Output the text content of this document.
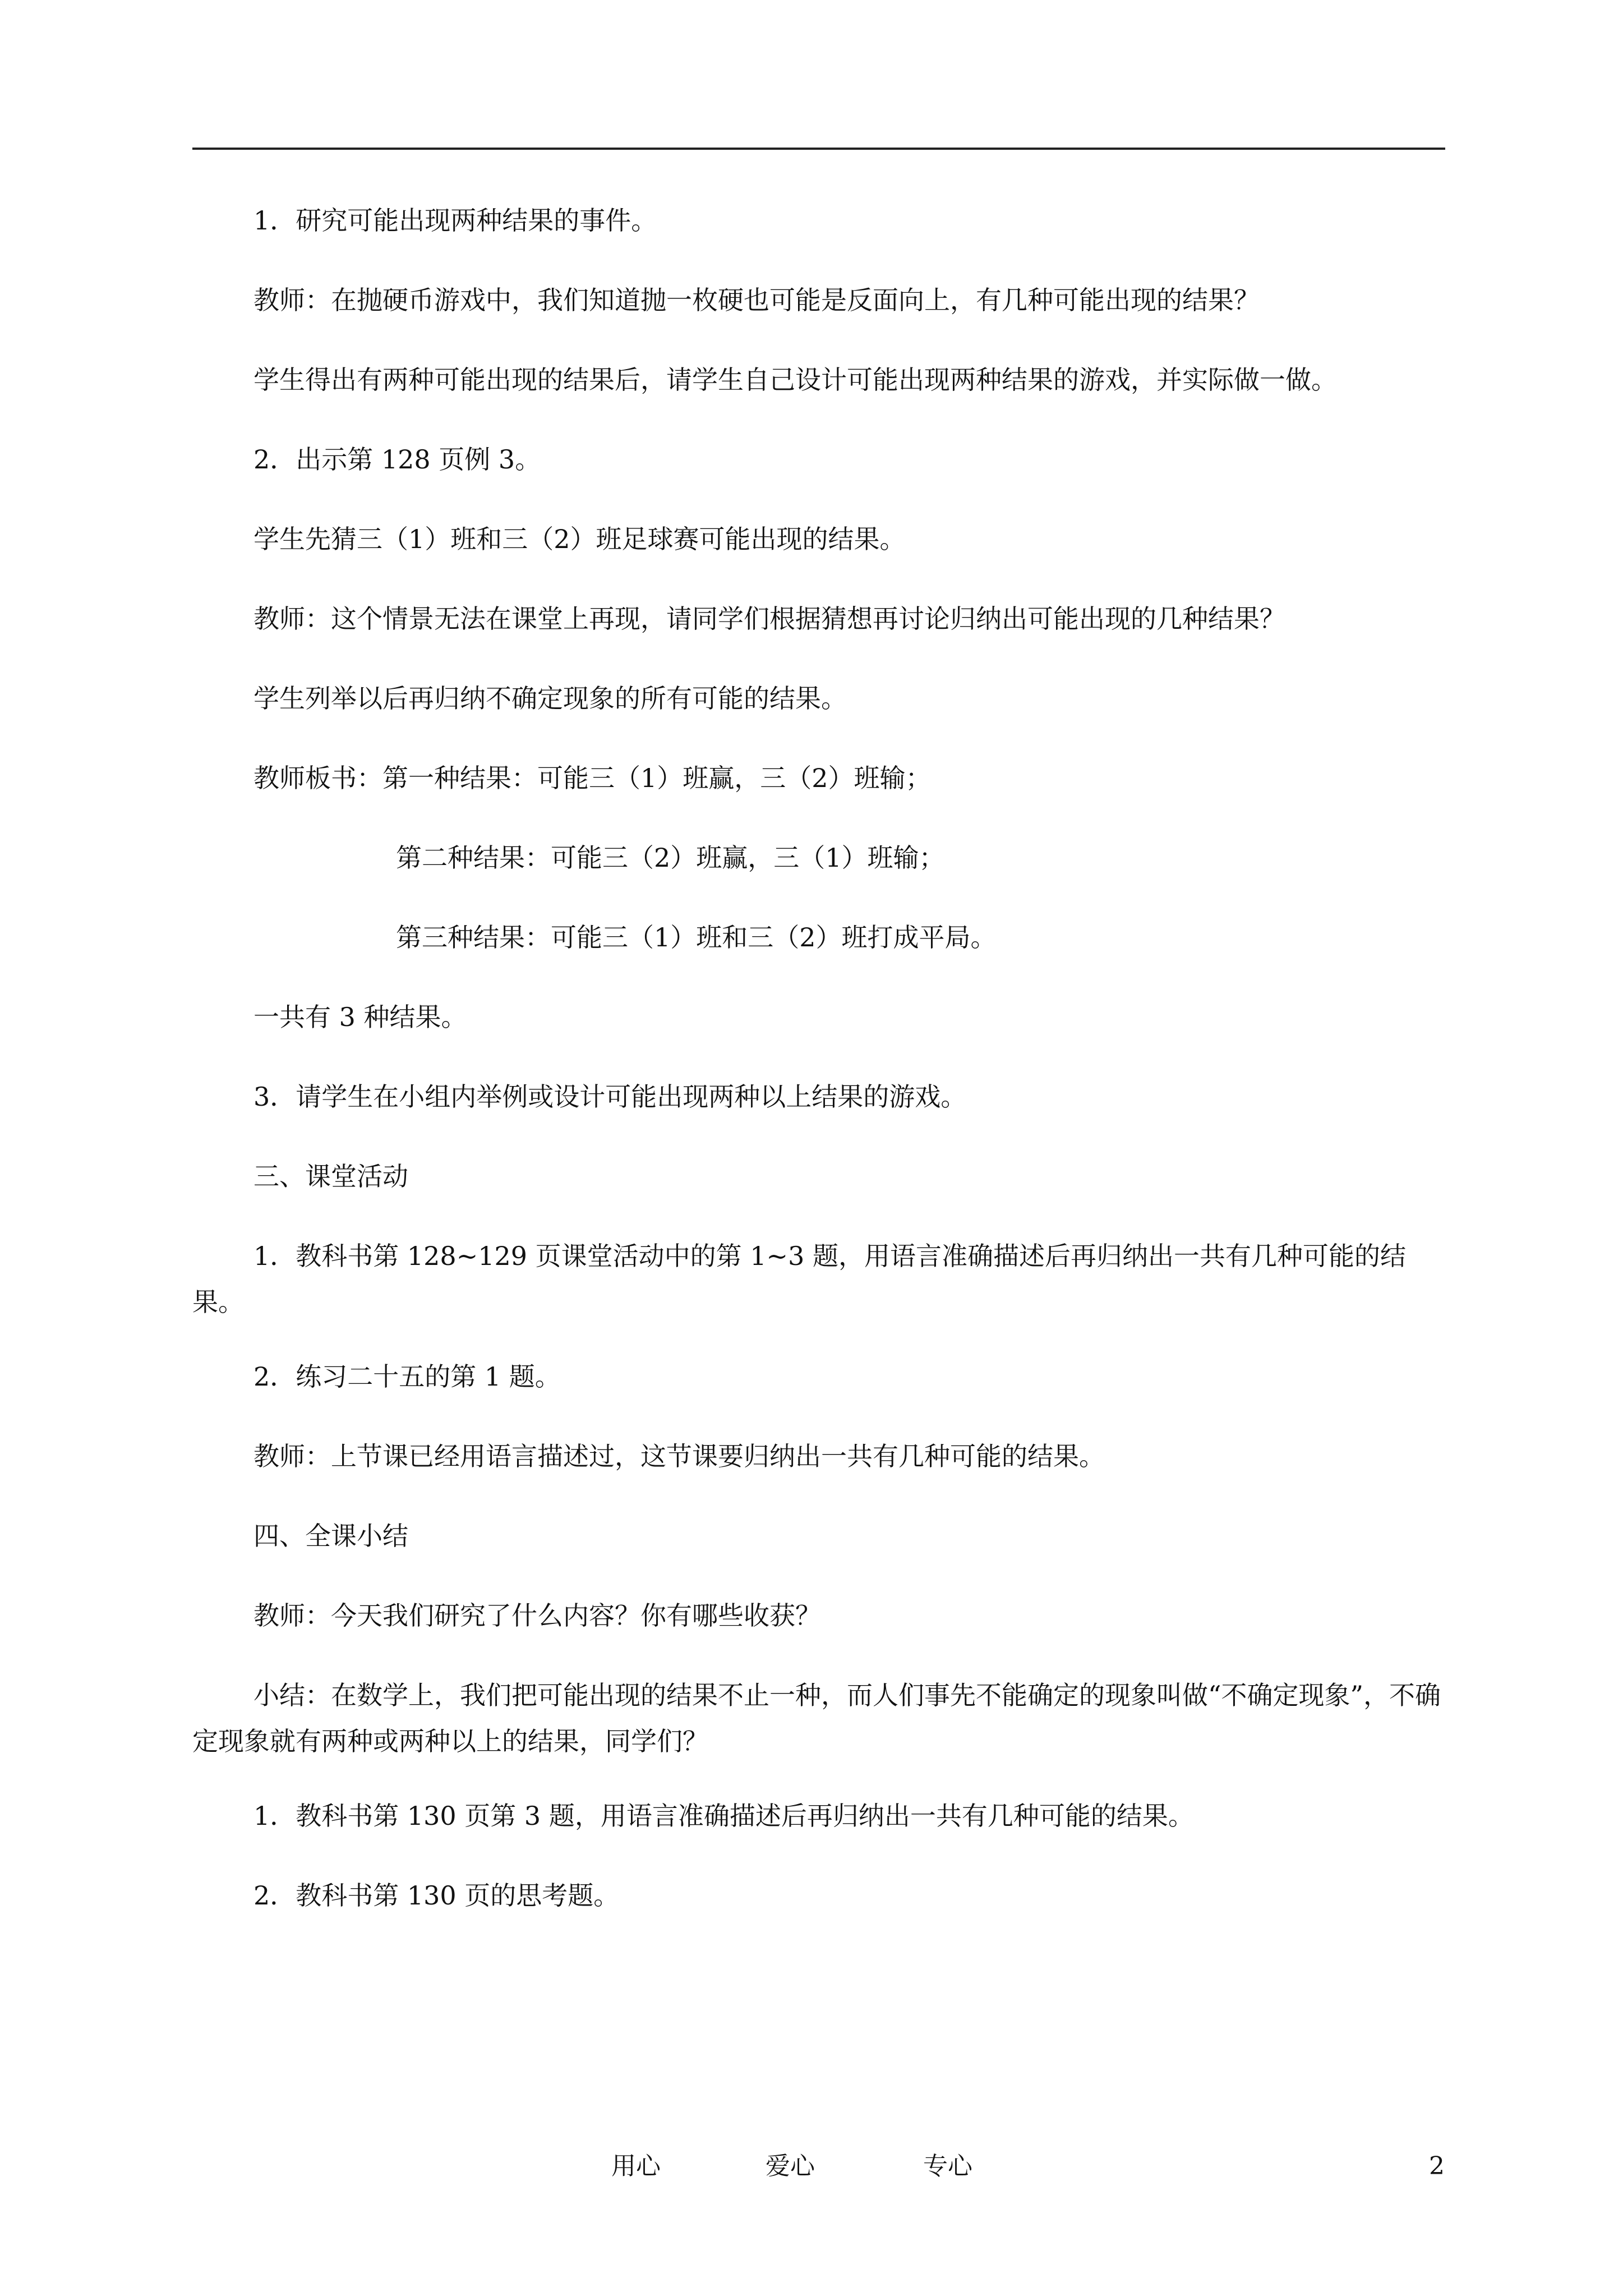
1．研究可能出现两种结果的事件。
教师：在抛硬币游戏中，我们知道抛一枚硬也可能是反面向上，有几种可能出现的结果？
学生得出有两种可能出现的结果后，请学生自己设计可能出现两种结果的游戏，并实际做一做。
2．出示第 128 页例 3。
学生先猜三（1）班和三（2）班足球赛可能出现的结果。
教师：这个情景无法在课堂上再现，请同学们根据猜想再讨论归纳出可能出现的几种结果？
学生列举以后再归纳不确定现象的所有可能的结果。
教师板书：第一种结果：可能三（1）班赢，三（2）班输；
第二种结果：可能三（2）班赢，三（1）班输；
第三种结果：可能三（1）班和三（2）班打成平局。
一共有 3 种结果。
3．请学生在小组内举例或设计可能出现两种以上结果的游戏。
三、课堂活动
1．教科书第 128~129 页课堂活动中的第 1~3 题，用语言准确描述后再归纳出一共有几种可能的结果。
2．练习二十五的第 1 题。
教师：上节课已经用语言描述过，这节课要归纳出一共有几种可能的结果。
四、全课小结
教师：今天我们研究了什么内容？你有哪些收获？
小结：在数学上，我们把可能出现的结果不止一种，而人们事先不能确定的现象叫做“不确定现象”，不确定现象就有两种或两种以上的结果，同学们？
1．教科书第 130 页第 3 题，用语言准确描述后再归纳出一共有几种可能的结果。
2．教科书第 130 页的思考题。
用心	爱心	专心	2
